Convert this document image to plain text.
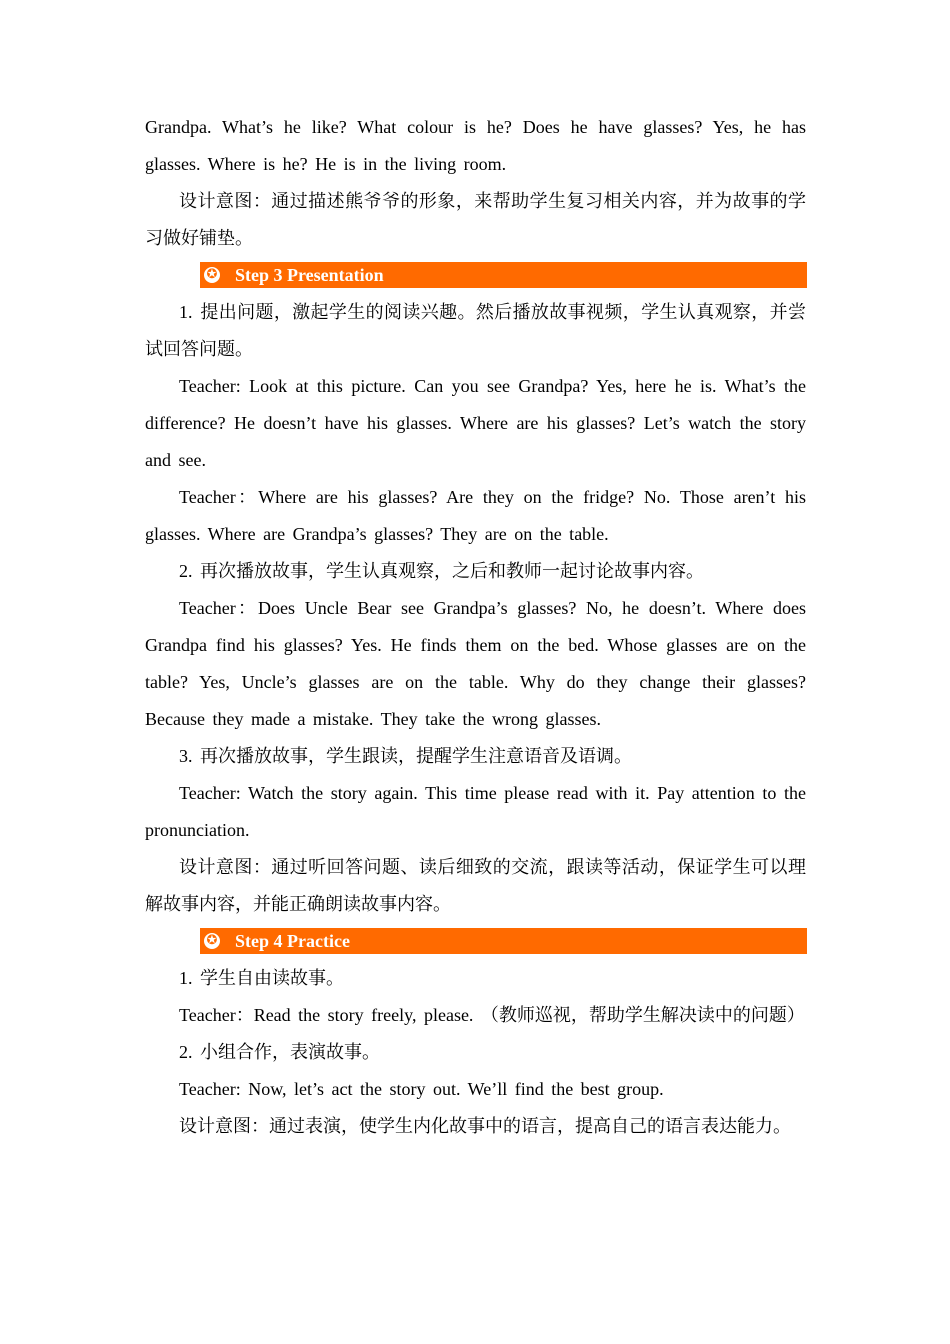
Grandpa. What’s he like? What colour is he? Does he have glasses? Yes, he has glasses. Where is he? He is in the living room.

设计意图：通过描述熊爷爷的形象，来帮助学生复习相关内容，并为故事的学习做好铺垫。

✪ Step 3 Presentation

1. 提出问题，激起学生的阅读兴趣。然后播放故事视频，学生认真观察，并尝试回答问题。

Teacher: Look at this picture. Can you see Grandpa? Yes, here he is. What’s the difference? He doesn’t have his glasses. Where are his glasses? Let’s watch the story and see.

Teacher：Where are his glasses? Are they on the fridge? No. Those aren’t his glasses. Where are Grandpa’s glasses? They are on the table.

2. 再次播放故事，学生认真观察，之后和教师一起讨论故事内容。

Teacher：Does Uncle Bear see Grandpa’s glasses? No, he doesn’t. Where does Grandpa find his glasses? Yes. He finds them on the bed. Whose glasses are on the table? Yes, Uncle’s glasses are on the table. Why do they change their glasses? Because they made a mistake. They take the wrong glasses.

3. 再次播放故事，学生跟读，提醒学生注意语音及语调。

Teacher: Watch the story again. This time please read with it. Pay attention to the pronunciation.

设计意图：通过听回答问题、读后细致的交流，跟读等活动，保证学生可以理解故事内容，并能正确朗读故事内容。

✪ Step 4 Practice

1. 学生自由读故事。

Teacher：Read the story freely, please. （教师巡视，帮助学生解决读中的问题）

2. 小组合作，表演故事。

Teacher: Now, let’s act the story out. We’ll find the best group.

设计意图：通过表演，使学生内化故事中的语言，提高自己的语言表达能力。
